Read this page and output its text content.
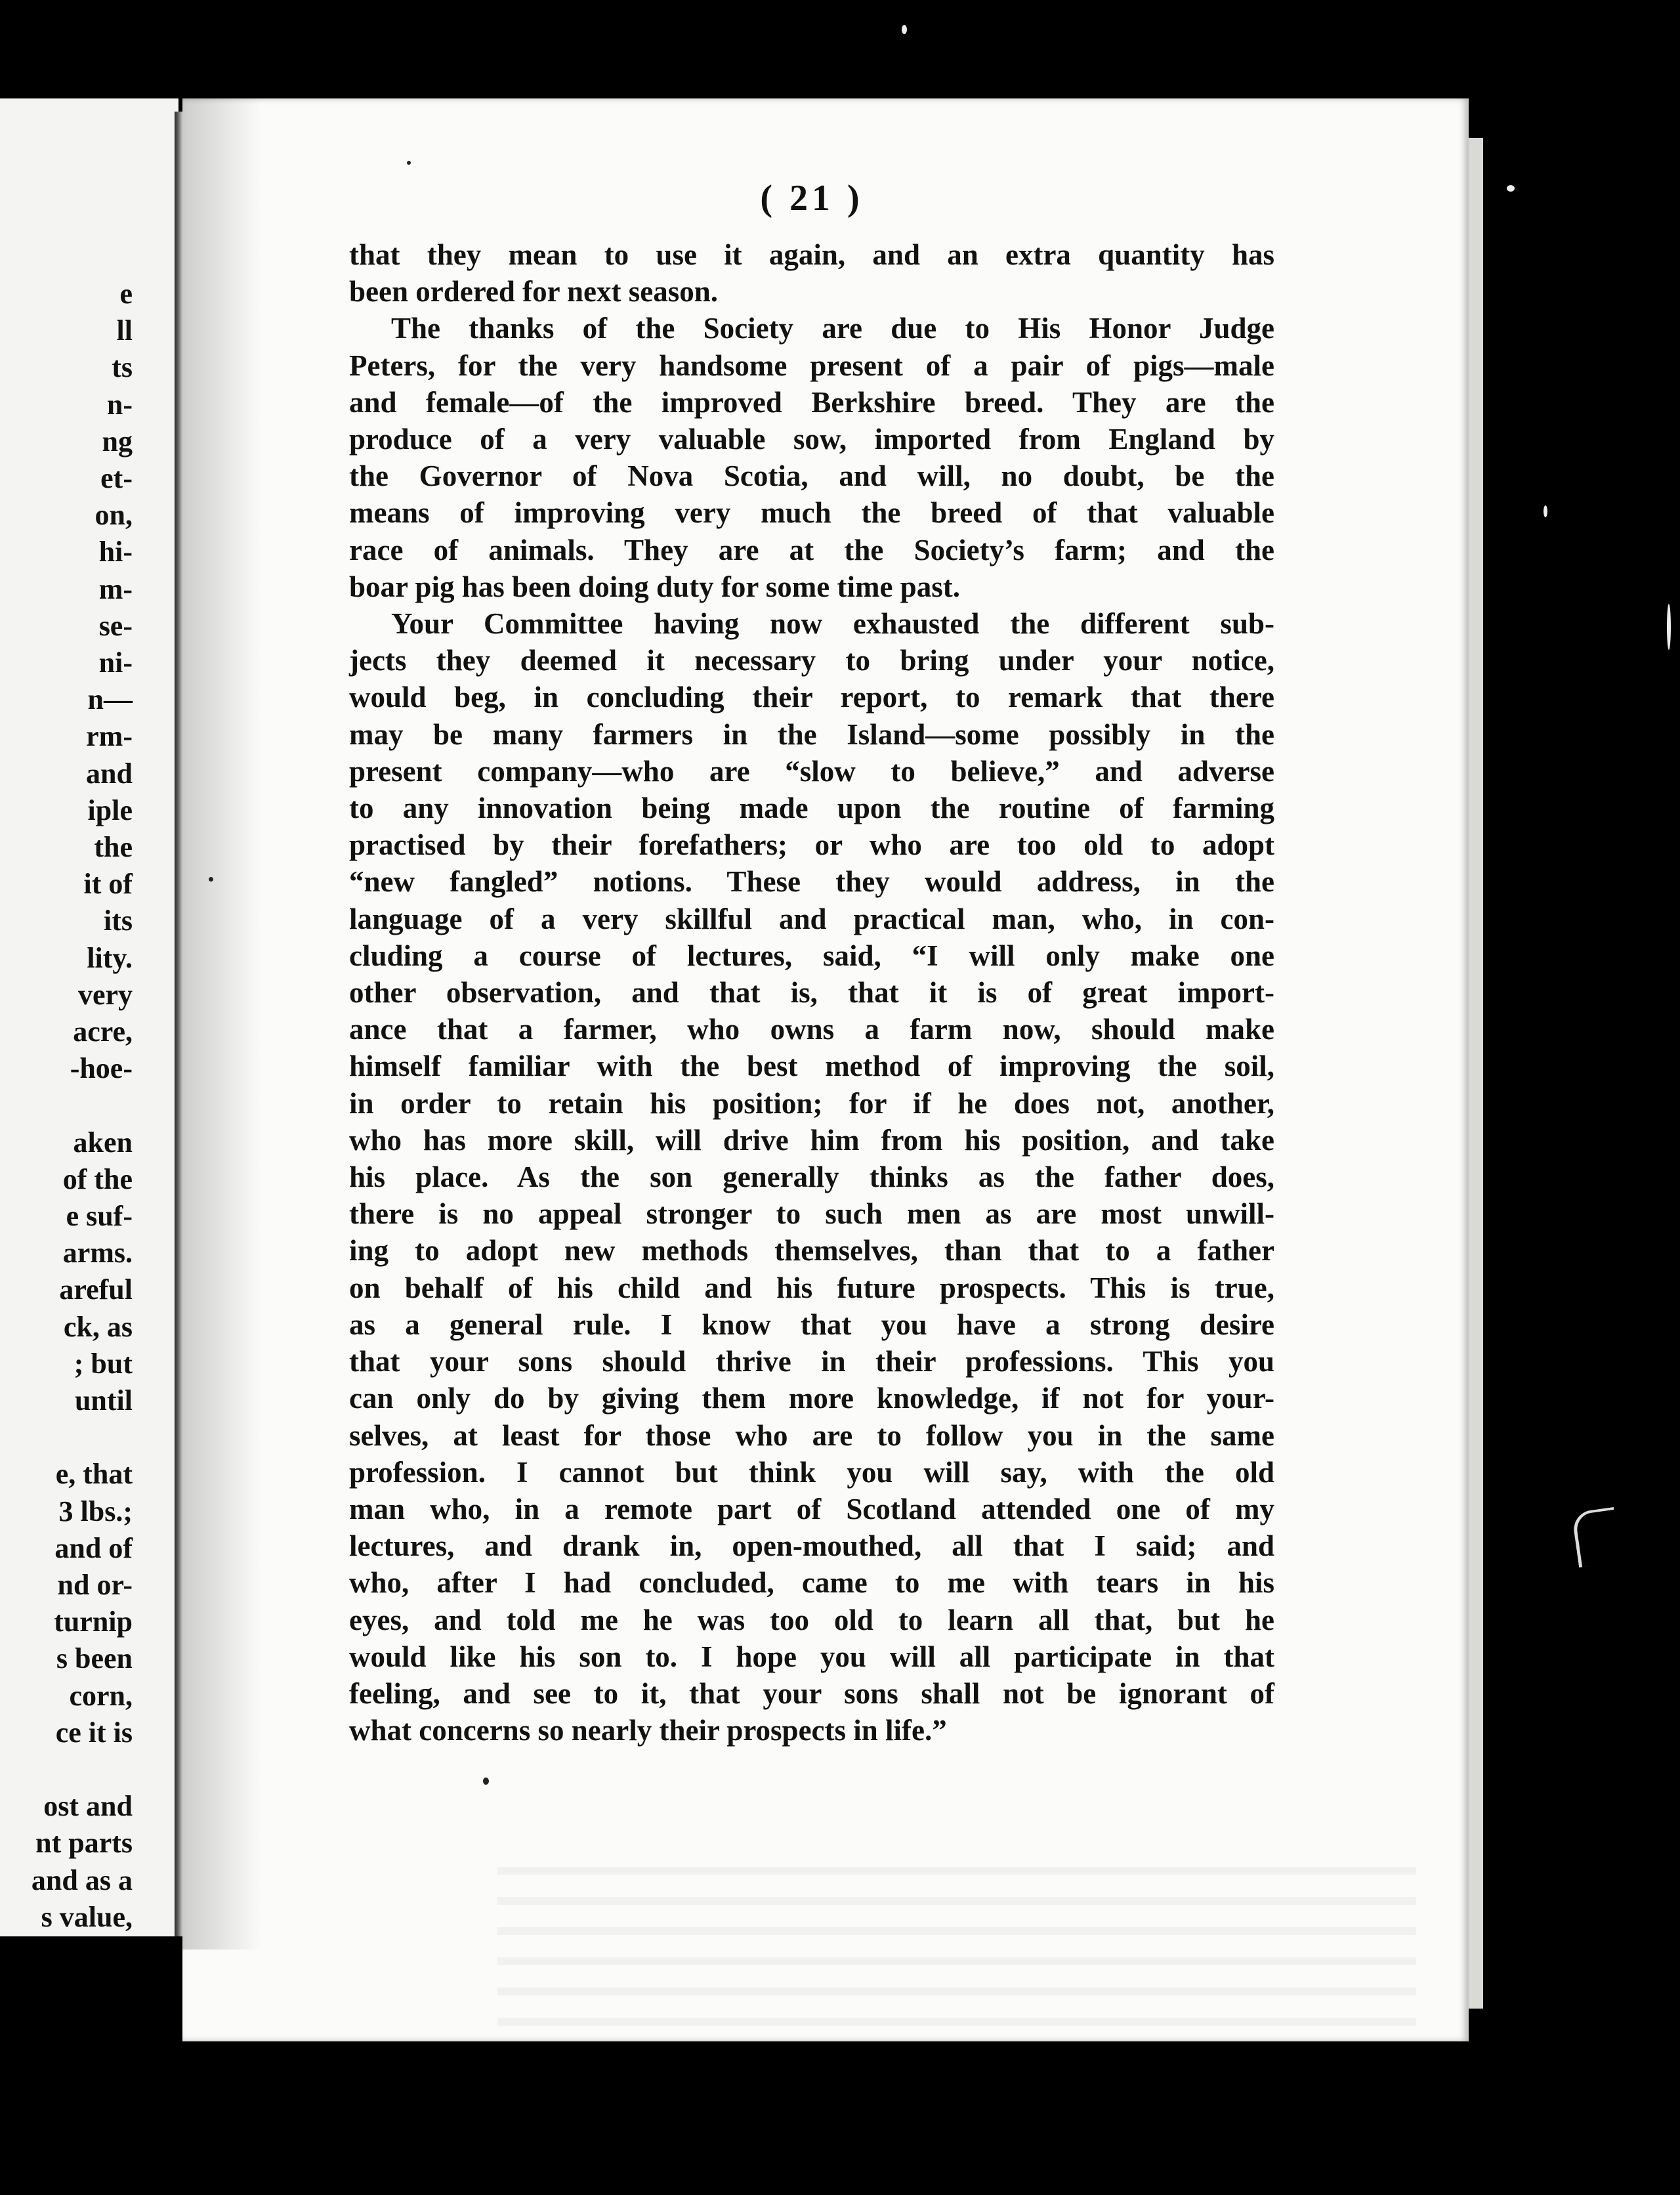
e
ll
ts
n-
ng
et-
on,
hi-
m-
se-
ni-
n—
rm-
and
iple
the
it of
its
lity.
very
acre,
-hoe-
aken
of the
e suf-
arms.
areful
ck, as
; but
until
e, that
3 lbs.;
and of
nd or-
turnip
s been
corn,
ce it is
ost and
nt parts
and as a
s value,
( 21 )
that they mean to use it again, and an extra quantity has
been ordered for next season.
The thanks of the Society are due to His Honor Judge
Peters, for the very handsome present of a pair of pigs—male
and female—of the improved Berkshire breed. They are the
produce of a very valuable sow, imported from England by
the Governor of Nova Scotia, and will, no doubt, be the
means of improving very much the breed of that valuable
race of animals. They are at the Society’s farm; and the
boar pig has been doing duty for some time past.
Your Committee having now exhausted the different sub-
jects they deemed it necessary to bring under your notice,
would beg, in concluding their report, to remark that there
may be many farmers in the Island—some possibly in the
present company—who are “slow to believe,” and adverse
to any innovation being made upon the routine of farming
practised by their forefathers; or who are too old to adopt
“new fangled” notions. These they would address, in the
language of a very skillful and practical man, who, in con-
cluding a course of lectures, said, “I will only make one
other observation, and that is, that it is of great import-
ance that a farmer, who owns a farm now, should make
himself familiar with the best method of improving the soil,
in order to retain his position; for if he does not, another,
who has more skill, will drive him from his position, and take
his place. As the son generally thinks as the father does,
there is no appeal stronger to such men as are most unwill-
ing to adopt new methods themselves, than that to a father
on behalf of his child and his future prospects. This is true,
as a general rule. I know that you have a strong desire
that your sons should thrive in their professions. This you
can only do by giving them more knowledge, if not for your-
selves, at least for those who are to follow you in the same
profession. I cannot but think you will say, with the old
man who, in a remote part of Scotland attended one of my
lectures, and drank in, open-mouthed, all that I said; and
who, after I had concluded, came to me with tears in his
eyes, and told me he was too old to learn all that, but he
would like his son to. I hope you will all participate in that
feeling, and see to it, that your sons shall not be ignorant of
what concerns so nearly their prospects in life.”
